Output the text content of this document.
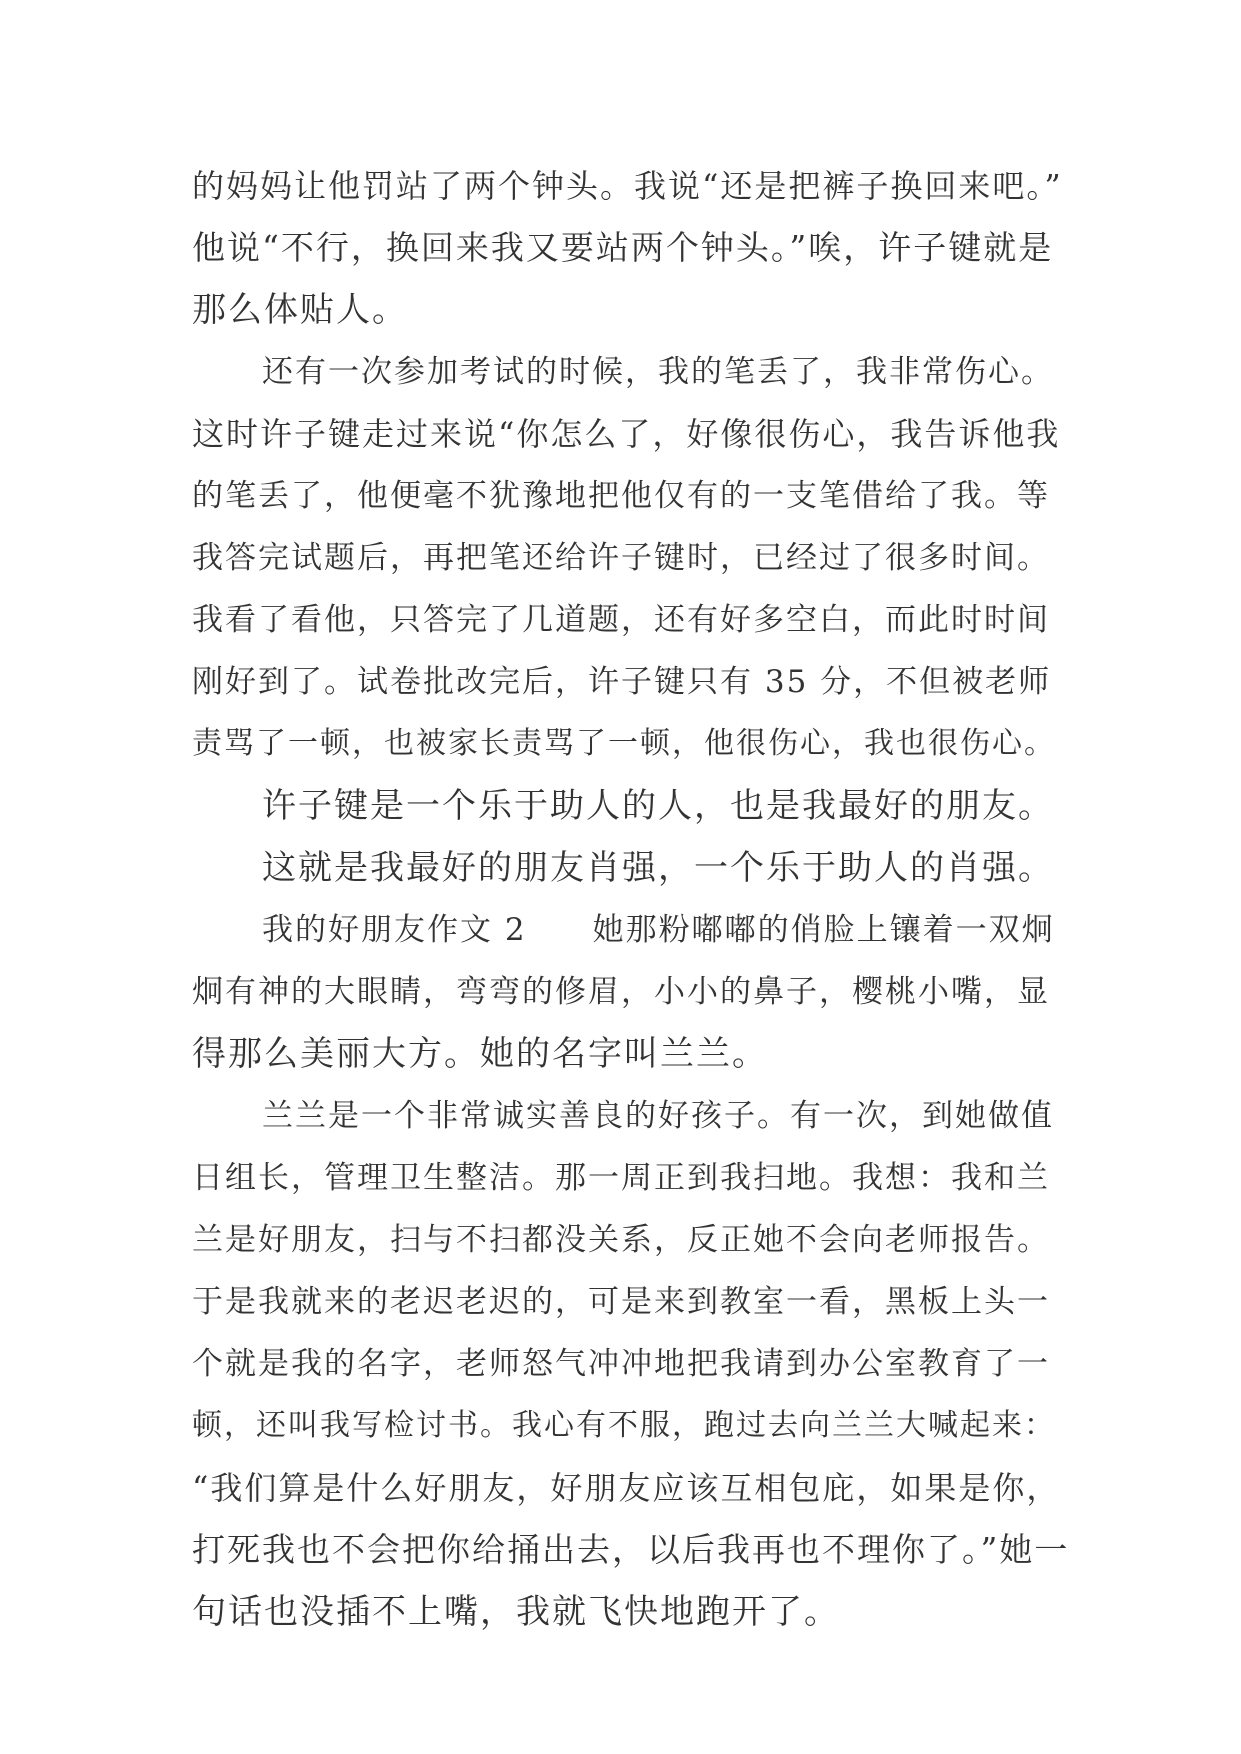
的妈妈让他罚站了两个钟头。我说“还是把裤子换回来吧。”
他说“不行，换回来我又要站两个钟头。”唉，许子键就是
那么体贴人。
还有一次参加考试的时候，我的笔丢了，我非常伤心。
这时许子键走过来说“你怎么了，好像很伤心，我告诉他我
的笔丢了，他便毫不犹豫地把他仅有的一支笔借给了我。等
我答完试题后，再把笔还给许子键时，已经过了很多时间。
我看了看他，只答完了几道题，还有好多空白，而此时时间
刚好到了。试卷批改完后，许子键只有 35 分，不但被老师
责骂了一顿，也被家长责骂了一顿，他很伤心，我也很伤心。
许子键是一个乐于助人的人，也是我最好的朋友。
这就是我最好的朋友肖强，一个乐于助人的肖强。
我的好朋友作文 2　　她那粉嘟嘟的俏脸上镶着一双炯
炯有神的大眼睛，弯弯的修眉，小小的鼻子，樱桃小嘴，显
得那么美丽大方。她的名字叫兰兰。
兰兰是一个非常诚实善良的好孩子。有一次，到她做值
日组长，管理卫生整洁。那一周正到我扫地。我想：我和兰
兰是好朋友，扫与不扫都没关系，反正她不会向老师报告。
于是我就来的老迟老迟的，可是来到教室一看，黑板上头一
个就是我的名字，老师怒气冲冲地把我请到办公室教育了一
顿，还叫我写检讨书。我心有不服，跑过去向兰兰大喊起来：
“我们算是什么好朋友，好朋友应该互相包庇，如果是你，
打死我也不会把你给捅出去，以后我再也不理你了。”她一
句话也没插不上嘴，我就飞快地跑开了。
